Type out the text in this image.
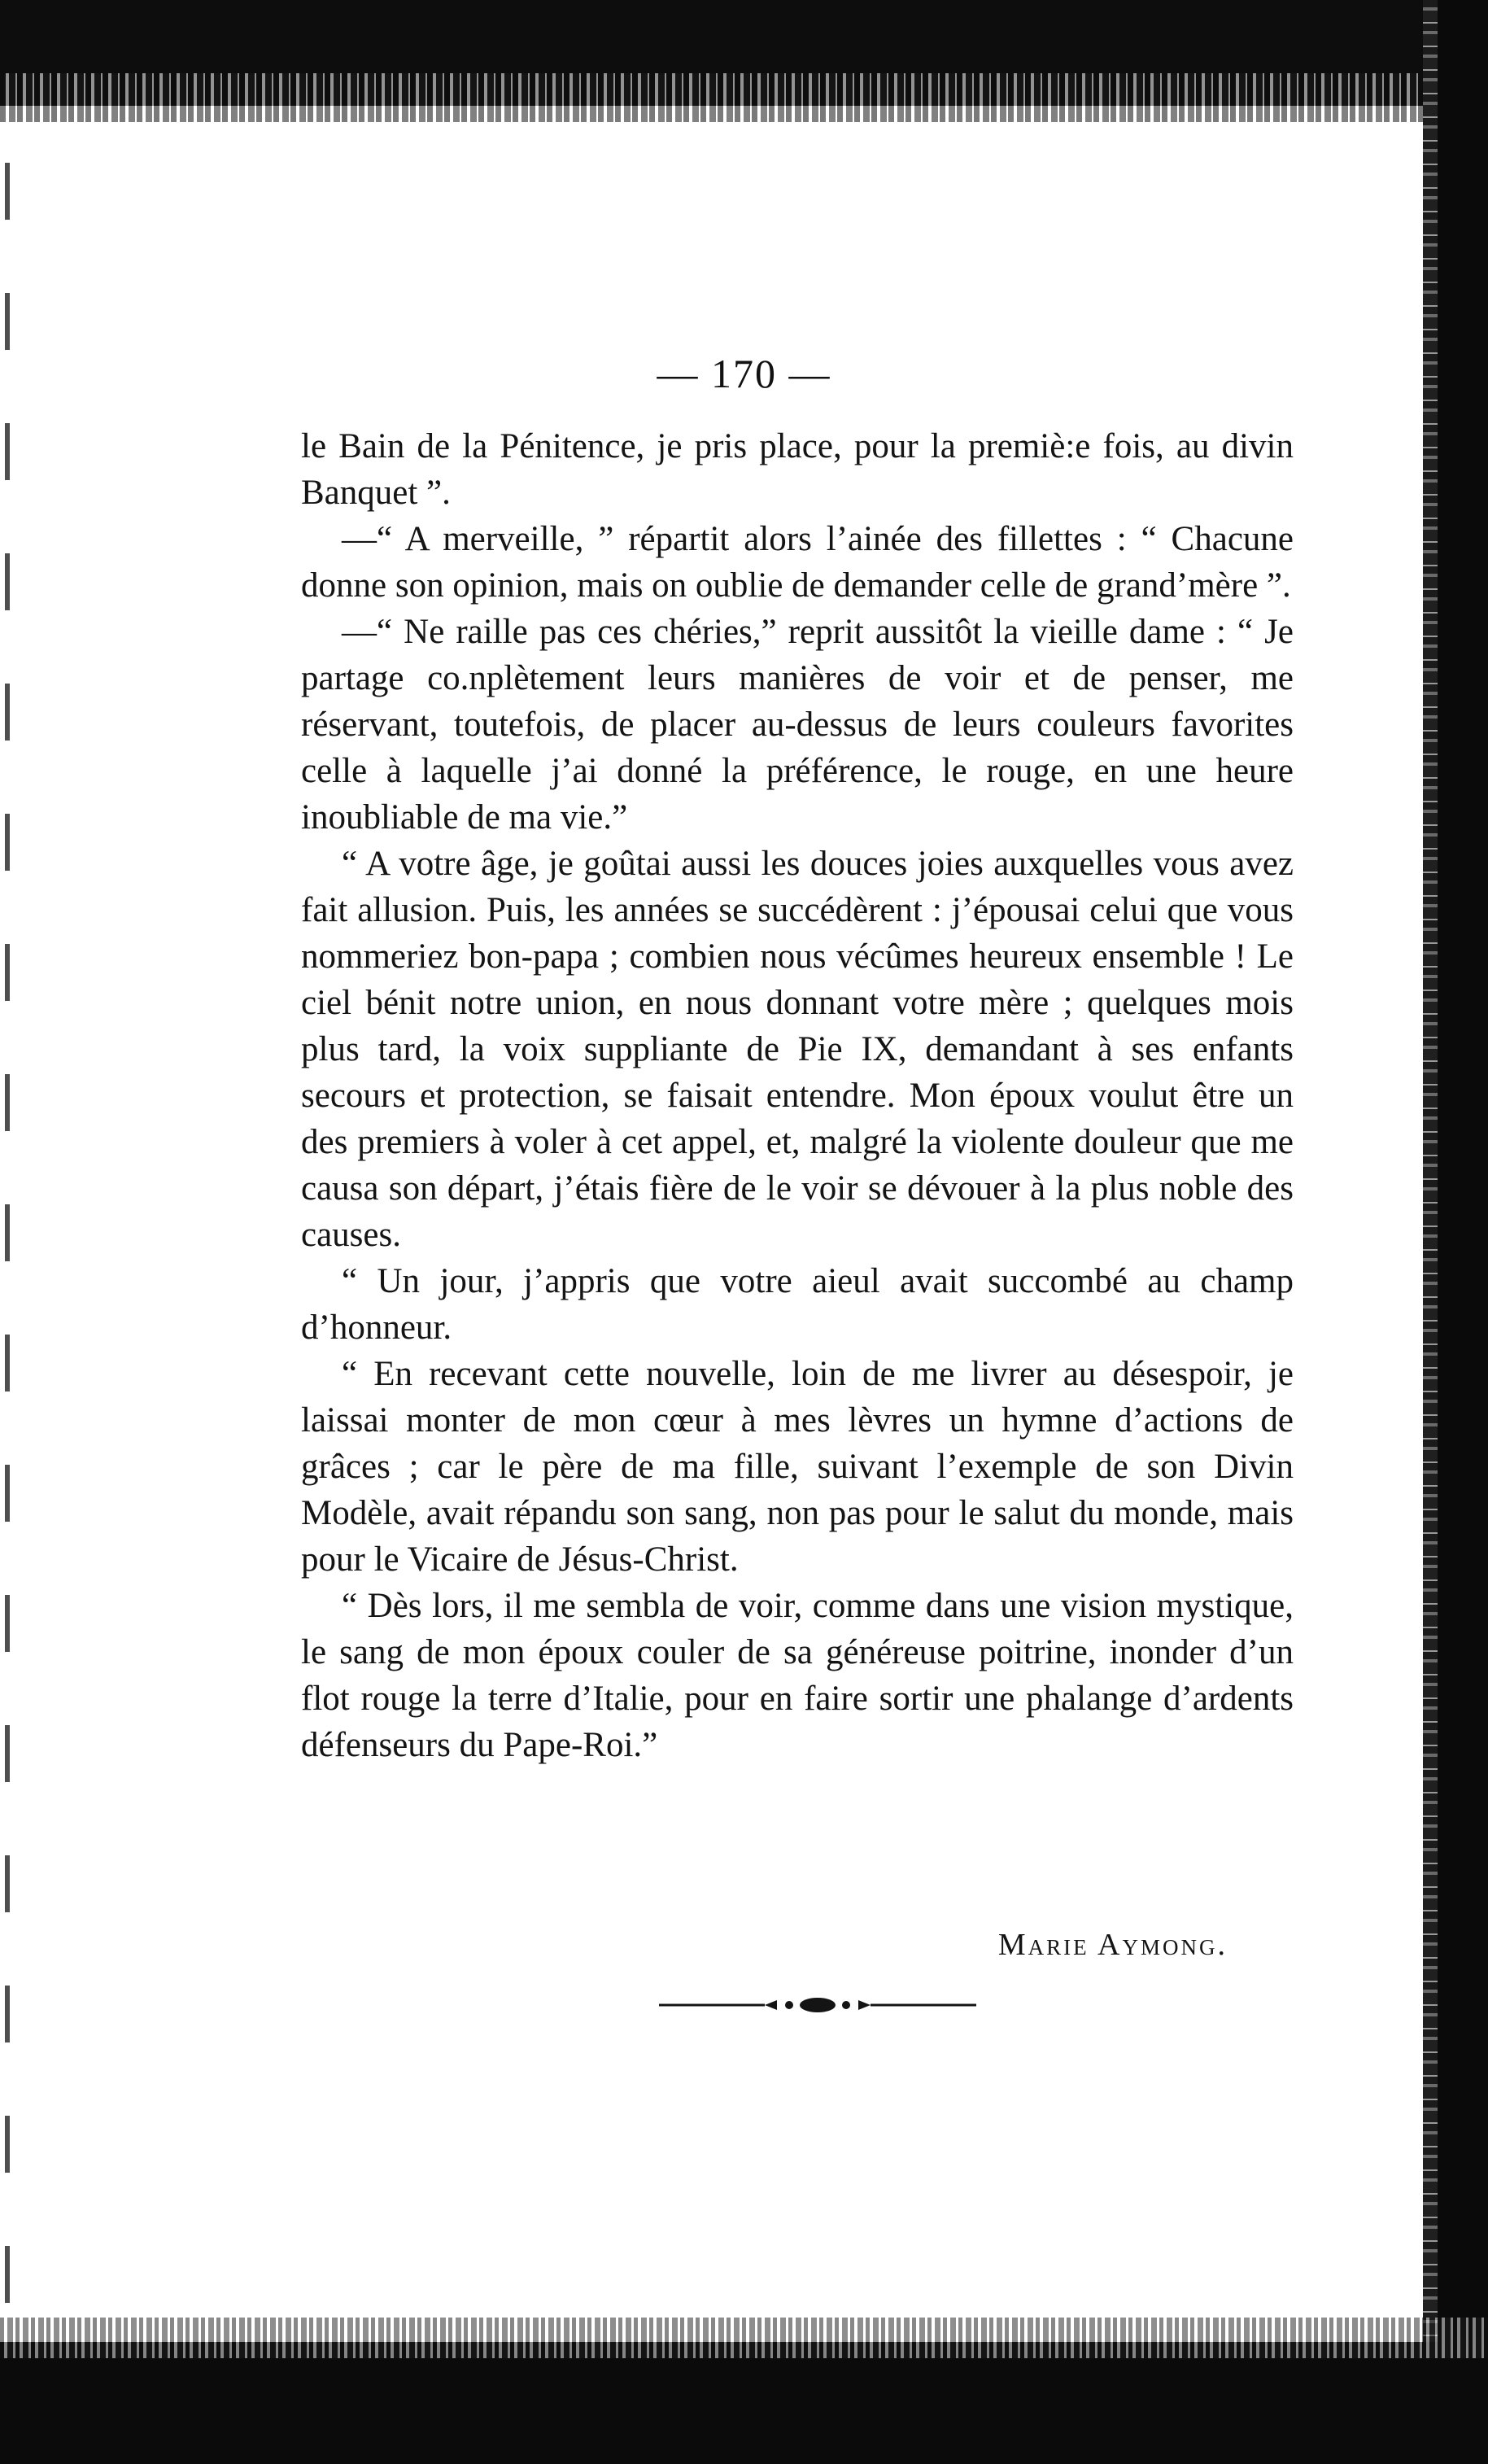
— 170 —

le Bain de la Pénitence, je pris place, pour la premiè:e fois, au divin Banquet ”.

—“ A merveille, ” répartit alors l’ainée des fillettes : “ Chacune donne son opinion, mais on oublie de demander celle de grand’mère ”.

—“ Ne raille pas ces chéries,” reprit aussitôt la vieille dame : “ Je partage co.nplètement leurs manières de voir et de penser, me réservant, toutefois, de placer au-dessus de leurs couleurs favorites celle à laquelle j’ai donné la préférence, le rouge, en une heure inoubliable de ma vie.”

“ A votre âge, je goûtai aussi les douces joies auxquelles vous avez fait allusion. Puis, les années se succédèrent : j’épousai celui que vous nommeriez bon-papa ; combien nous vécûmes heureux ensemble ! Le ciel bénit notre union, en nous donnant votre mère ; quelques mois plus tard, la voix suppliante de Pie IX, demandant à ses enfants secours et protection, se faisait entendre. Mon époux voulut être un des premiers à voler à cet appel, et, malgré la violente douleur que me causa son départ, j’étais fière de le voir se dévouer à la plus noble des causes.

“ Un jour, j’appris que votre aieul avait succombé au champ d’honneur.

“ En recevant cette nouvelle, loin de me livrer au désespoir, je laissai monter de mon cœur à mes lèvres un hymne d’actions de grâces ; car le père de ma fille, suivant l’exemple de son Divin Modèle, avait répandu son sang, non pas pour le salut du monde, mais pour le Vicaire de Jésus-Christ.

“ Dès lors, il me sembla de voir, comme dans une vision mystique, le sang de mon époux couler de sa généreuse poitrine, inonder d’un flot rouge la terre d’Italie, pour en faire sortir une phalange d’ardents défenseurs du Pape-Roi.”

Marie Aymong.
